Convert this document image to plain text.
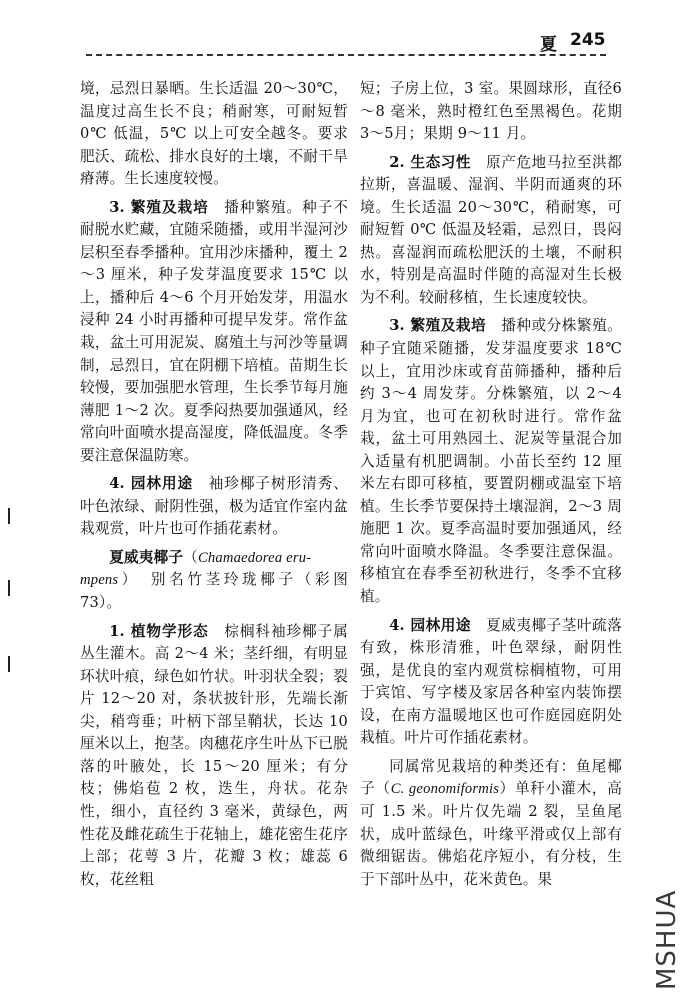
夏 245

境，忌烈日暴晒。生长适温 20～30℃，温度过高生长不良；稍耐寒，可耐短暂 0℃ 低温，5℃ 以上可安全越冬。要求肥沃、疏松、排水良好的土壤，不耐干旱瘠薄。生长速度较慢。

3. 繁殖及栽培　播种繁殖。种子不耐脱水贮藏，宜随采随播，或用半湿河沙层积至春季播种。宜用沙床播种，覆土 2～3 厘米，种子发芽温度要求 15℃ 以上，播种后 4～6 个月开始发芽，用温水浸种 24 小时再播种可提早发芽。常作盆栽，盆土可用泥炭、腐殖土与河沙等量调制，忌烈日，宜在阴棚下培植。苗期生长较慢，要加强肥水管理，生长季节每月施薄肥 1～2 次。夏季闷热要加强通风，经常向叶面喷水提高湿度，降低温度。冬季要注意保温防寒。

4. 园林用途　袖珍椰子树形清秀、叶色浓绿、耐阴性强，极为适宜作室内盆栽观赏，叶片也可作插花素材。

夏威夷椰子（Chamaedorea eru-
mpens）　别名竹茎玲珑椰子（彩图 73）。

1. 植物学形态　棕榈科袖珍椰子属丛生灌木。高 2～4 米；茎纤细，有明显环状叶痕，绿色如竹状。叶羽状全裂；裂片 12～20 对，条状披针形，先端长渐尖，稍弯垂；叶柄下部呈鞘状，长达 10 厘米以上，抱茎。肉穗花序生叶丛下已脱落的叶腋处，长 15～20 厘米；有分枝；佛焰苞 2 枚，迭生，舟状。花杂性，细小，直径约 3 毫米，黄绿色，两性花及雌花疏生于花轴上，雄花密生花序上部；花萼 3 片，花瓣 3 枚；雄蕊 6 枚，花丝粗

短；子房上位，3 室。果圆球形，直径6～8 毫米，熟时橙红色至黑褐色。花期 3～5月；果期 9～11 月。

2. 生态习性　原产危地马拉至洪都拉斯，喜温暖、湿润、半阴而通爽的环境。生长适温 20～30℃，稍耐寒，可耐短暂 0℃ 低温及轻霜，忌烈日，畏闷热。喜湿润而疏松肥沃的土壤，不耐积水，特别是高温时伴随的高湿对生长极为不利。较耐移植，生长速度较快。

3. 繁殖及栽培　播种或分株繁殖。种子宜随采随播，发芽温度要求 18℃ 以上，宜用沙床或育苗筛播种，播种后约 3～4 周发芽。分株繁殖，以 2～4 月为宜，也可在初秋时进行。常作盆栽，盆土可用熟园土、泥炭等量混合加入适量有机肥调制。小苗长至约 12 厘米左右即可移植，要置阴棚或温室下培植。生长季节要保持土壤湿润，2～3 周施肥 1 次。夏季高温时要加强通风，经常向叶面喷水降温。冬季要注意保温。移植宜在春季至初秋进行，冬季不宜移植。

4. 园林用途　夏威夷椰子茎叶疏落有致，株形清雅，叶色翠绿，耐阴性强，是优良的室内观赏棕榈植物，可用于宾馆、写字楼及家居各种室内装饰摆设，在南方温暖地区也可作庭园庭阴处栽植。叶片可作插花素材。

同属常见栽培的种类还有：鱼尾椰子（C. geonomiformis）单秆小灌木，高可 1.5 米。叶片仅先端 2 裂，呈鱼尾状，成叶蓝绿色，叶缘平滑或仅上部有微细锯齿。佛焰花序短小，有分枝，生于下部叶丛中，花米黄色。果

MSHUA
